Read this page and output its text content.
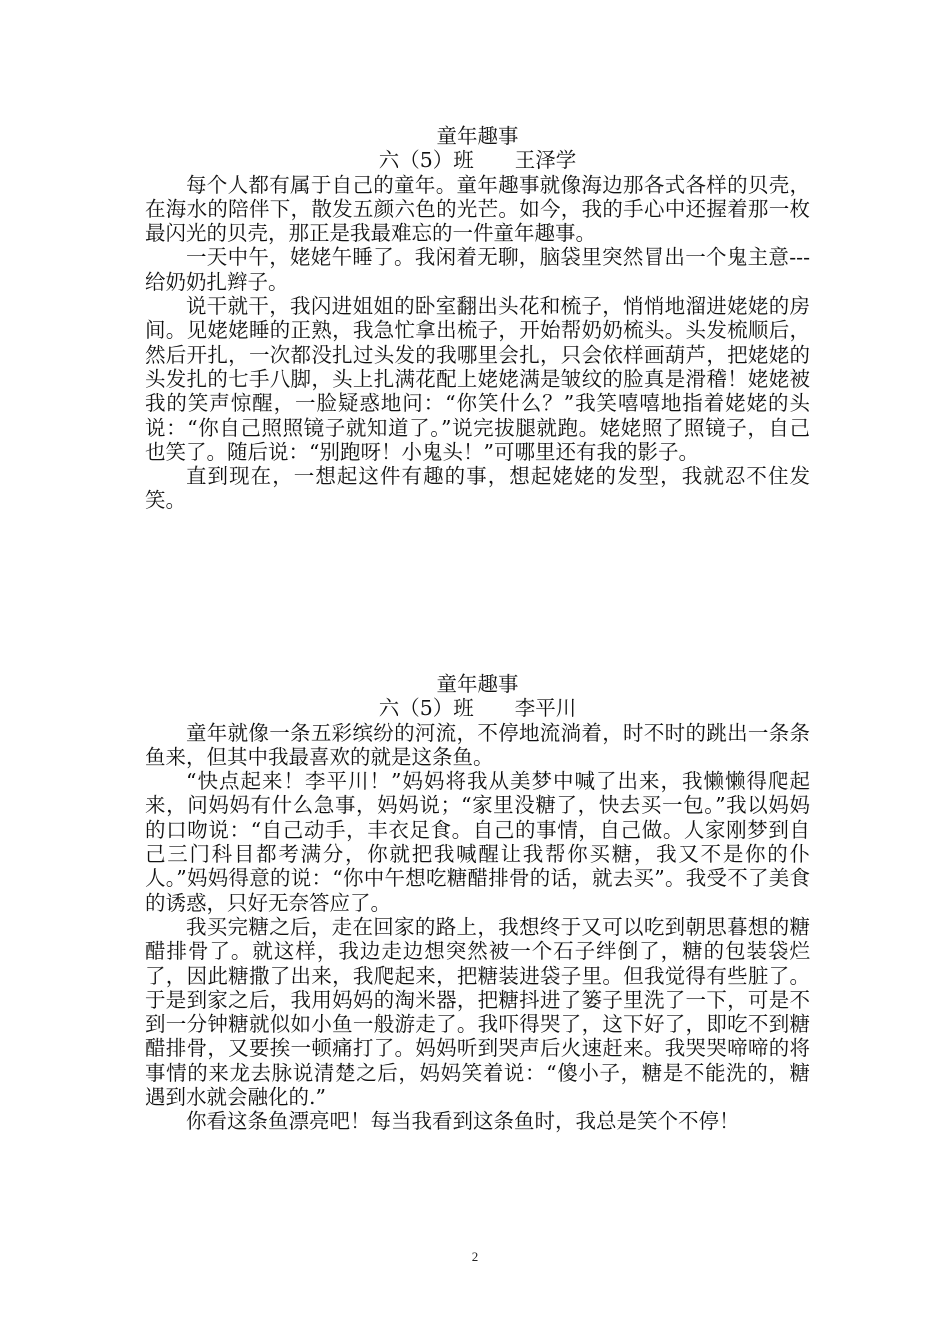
童年趣事

六（5）班　　王泽学

每个人都有属于自己的童年。童年趣事就像海边那各式各样的贝壳，在海水的陪伴下，散发五颜六色的光芒。如今，我的手心中还握着那一枚最闪光的贝壳，那正是我最难忘的一件童年趣事。

一天中午，姥姥午睡了。我闲着无聊，脑袋里突然冒出一个鬼主意---给奶奶扎辫子。

说干就干，我闪进姐姐的卧室翻出头花和梳子，悄悄地溜进姥姥的房间。见姥姥睡的正熟，我急忙拿出梳子，开始帮奶奶梳头。头发梳顺后，然后开扎，一次都没扎过头发的我哪里会扎，只会依样画葫芦，把姥姥的头发扎的七手八脚，头上扎满花配上姥姥满是皱纹的脸真是滑稽！姥姥被我的笑声惊醒，一脸疑惑地问：“你笑什么？”我笑嘻嘻地指着姥姥的头说：“你自己照照镜子就知道了。”说完拔腿就跑。姥姥照了照镜子，自己也笑了。随后说：“别跑呀！小鬼头！”可哪里还有我的影子。

直到现在，一想起这件有趣的事，想起姥姥的发型，我就忍不住发笑。

童年趣事

六（5）班　　李平川

童年就像一条五彩缤纷的河流，不停地流淌着，时不时的跳出一条条鱼来，但其中我最喜欢的就是这条鱼。

“快点起来！李平川！”妈妈将我从美梦中喊了出来，我懒懒得爬起来，问妈妈有什么急事，妈妈说；“家里没糖了，快去买一包。”我以妈妈的口吻说：“自己动手，丰衣足食。自己的事情，自己做。人家刚梦到自己三门科目都考满分，你就把我喊醒让我帮你买糖，我又不是你的仆人。”妈妈得意的说：“你中午想吃糖醋排骨的话，就去买”。我受不了美食的诱惑，只好无奈答应了。

我买完糖之后，走在回家的路上，我想终于又可以吃到朝思暮想的糖醋排骨了。就这样，我边走边想突然被一个石子绊倒了，糖的包装袋烂了，因此糖撒了出来，我爬起来，把糖装进袋子里。但我觉得有些脏了。于是到家之后，我用妈妈的淘米器，把糖抖进了篓子里洗了一下，可是不到一分钟糖就似如小鱼一般游走了。我吓得哭了，这下好了，即吃不到糖醋排骨，又要挨一顿痛打了。妈妈听到哭声后火速赶来。我哭哭啼啼的将事情的来龙去脉说清楚之后，妈妈笑着说：“傻小子，糖是不能洗的，糖遇到水就会融化的.”

你看这条鱼漂亮吧！每当我看到这条鱼时，我总是笑个不停！

2
